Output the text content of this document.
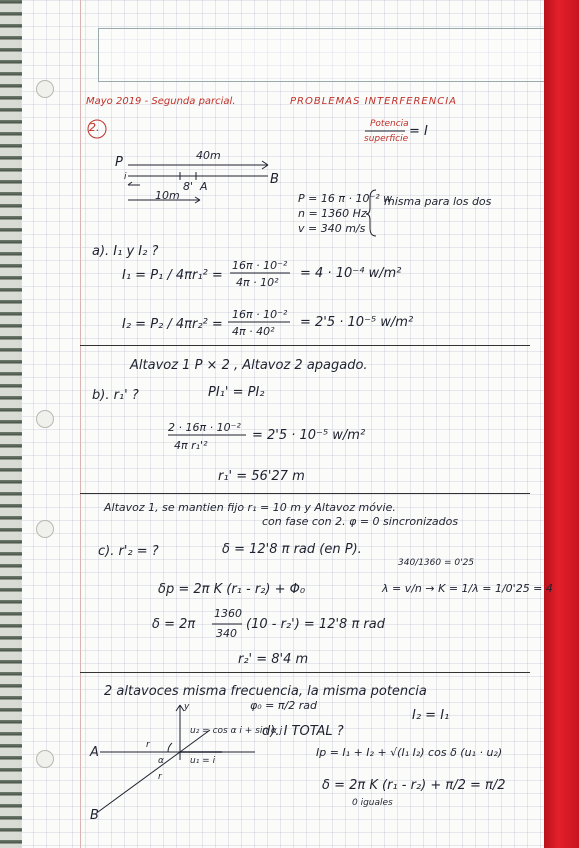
Mayo 2019 - Segunda parcial.	PROBLEMAS INTERFERENCIA
2.	Potencia
superficie = I
P	40m
B
8' A
i
10m	P = 16 π · 10⁻² w
n = 1360 Hz
v = 340 m/s
misma para los dos
a). I₁ y I₂ ?
I₁ = P₁ / 4πr₁² =
16π · 10⁻²
4π · 10²
= 4 · 10⁻⁴ w/m²
I₂ = P₂ / 4πr₂² =
16π · 10⁻²
4π · 40²
= 2'5 · 10⁻⁵ w/m²
Altavoz 1 P × 2 , Altavoz 2 apagado.
b). r₁' ?	PI₁' = PI₂
2 · 16π · 10⁻²
4π r₁'²
= 2'5 · 10⁻⁵ w/m²
r₁' = 56'27 m
Altavoz 1, se mantien fijo r₁ = 10 m y Altavoz móvie.
con fase con 2. φ = 0 sincronizados
c). r'₂ = ?	δ = 12'8 π rad (en P).
340/1360 = 0'25
δp = 2π K (r₁ - r₂) + Φ₀	λ = v/n → K = 1/λ = 1/0'25 = 4
δ = 2π
1360
340
(10 - r₂') = 12'8 π rad
r₂' = 8'4 m
2 altavoces misma frecuencia, la misma potencia
φ₀ = π/2 rad
I₂ = I₁
d). I TOTAL ?
Ip = I₁ + I₂ + √(I₁ I₂) cos δ (u₁ · u₂)
δ = 2π K (r₁ - r₂) + π/2 = π/2
0 iguales
y
A
B
r
r
α
u₂ = cos α i + sin α j
u₁ = i
